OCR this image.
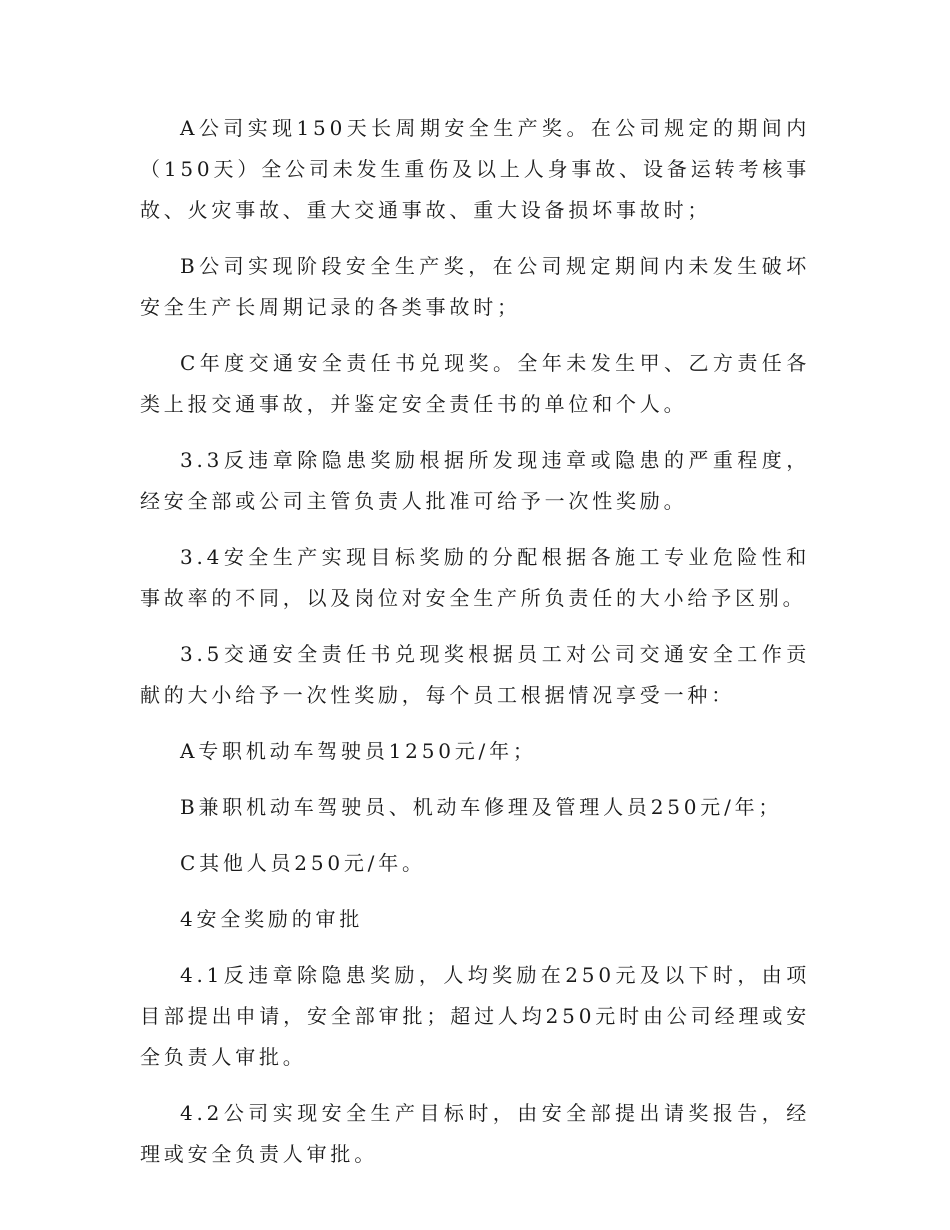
A公司实现150天长周期安全生产奖。在公司规定的期间内（150天）全公司未发生重伤及以上人身事故、设备运转考核事故、火灾事故、重大交通事故、重大设备损坏事故时；

B公司实现阶段安全生产奖，在公司规定期间内未发生破坏安全生产长周期记录的各类事故时；

C年度交通安全责任书兑现奖。全年未发生甲、乙方责任各类上报交通事故，并鉴定安全责任书的单位和个人。

3.3反违章除隐患奖励根据所发现违章或隐患的严重程度，经安全部或公司主管负责人批准可给予一次性奖励。

3.4安全生产实现目标奖励的分配根据各施工专业危险性和事故率的不同，以及岗位对安全生产所负责任的大小给予区别。

3.5交通安全责任书兑现奖根据员工对公司交通安全工作贡献的大小给予一次性奖励，每个员工根据情况享受一种：

A专职机动车驾驶员1250元/年；

B兼职机动车驾驶员、机动车修理及管理人员250元/年；

C其他人员250元/年。

4安全奖励的审批

4.1反违章除隐患奖励，人均奖励在250元及以下时，由项目部提出申请，安全部审批；超过人均250元时由公司经理或安全负责人审批。

4.2公司实现安全生产目标时，由安全部提出请奖报告，经理或安全负责人审批。
